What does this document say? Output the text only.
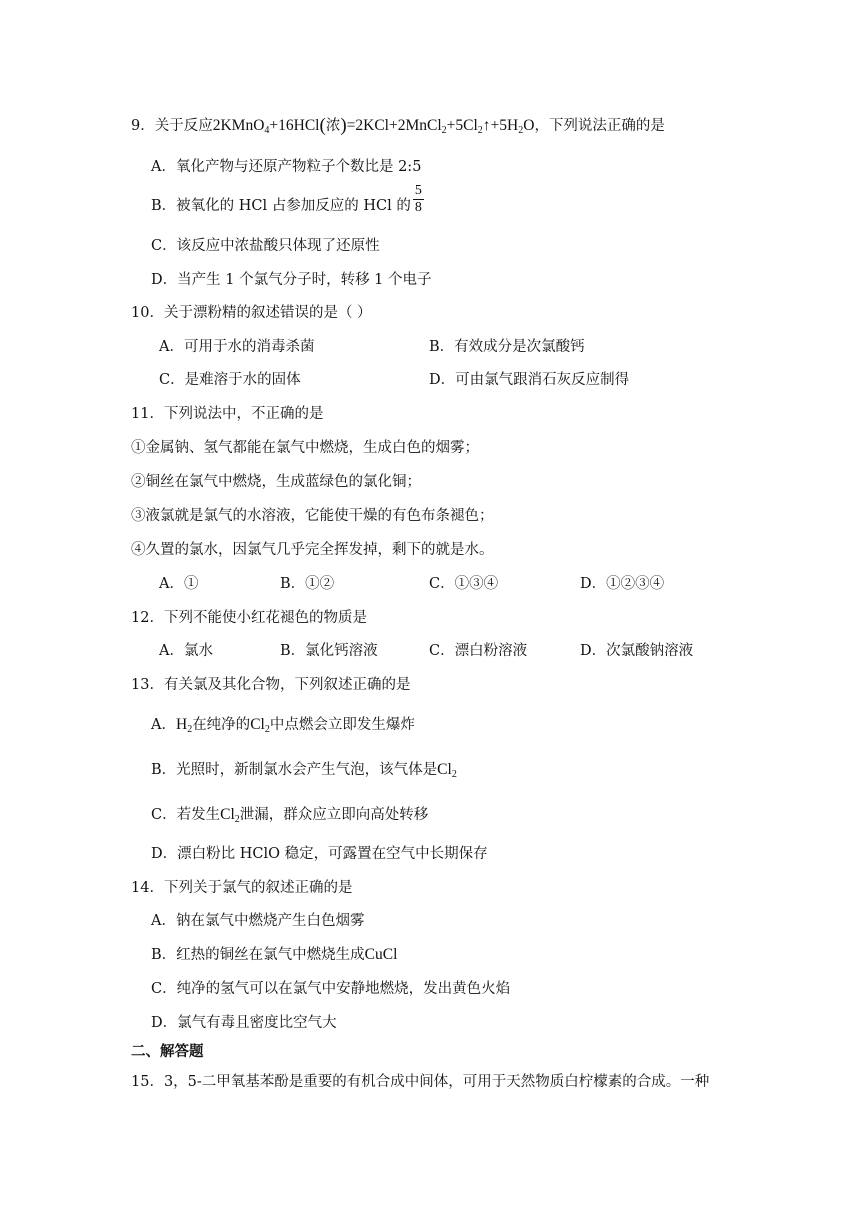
9．关于反应2KMnO$_4$+16HCl(浓)$=2KCl+2MnCl_2+5Cl_2↑+5H_2O$，下列说法正确的是
A．氧化产物与还原产物粒子个数比是 2:5
B．被氧化的 HCl 占参加反应的 HCl 的 $\frac{5}{8}$
C．该反应中浓盐酸只体现了还原性
D．当产生 1 个氯气分子时，转移 1 个电子
10．关于漂粉精的叙述错误的是（ ）
A．可用于水的消毒杀菌	B．有效成分是次氯酸钙
C．是难溶于水的固体	D．可由氯气跟消石灰反应制得
11．下列说法中，不正确的是
①金属钠、氢气都能在氯气中燃烧，生成白色的烟雾；
②铜丝在氯气中燃烧，生成蓝绿色的氯化铜；
③液氯就是氯气的水溶液，它能使干燥的有色布条褪色；
④久置的氯水，因氯气几乎完全挥发掉，剩下的就是水。
A．①	B．①②	C．①③④	D．①②③④
12．下列不能使小红花褪色的物质是
A．氯水	B．氯化钙溶液	C．漂白粉溶液	D．次氯酸钠溶液
13．有关氯及其化合物，下列叙述正确的是
A．$H_2$在纯净的$Cl_2$中点燃会立即发生爆炸
B．光照时，新制氯水会产生气泡，该气体是$Cl_2$
C．若发生$Cl_2$泄漏，群众应立即向高处转移
D．漂白粉比 HClO 稳定，可露置在空气中长期保存
14．下列关于氯气的叙述正确的是
A．钠在氯气中燃烧产生白色烟雾
B．红热的铜丝在氯气中燃烧生成CuCl
C．纯净的氢气可以在氯气中安静地燃烧，发出黄色火焰
D．氯气有毒且密度比空气大
二、解答题
15．3，5-二甲氧基苯酚是重要的有机合成中间体，可用于天然物质白柠檬素的合成。一种
